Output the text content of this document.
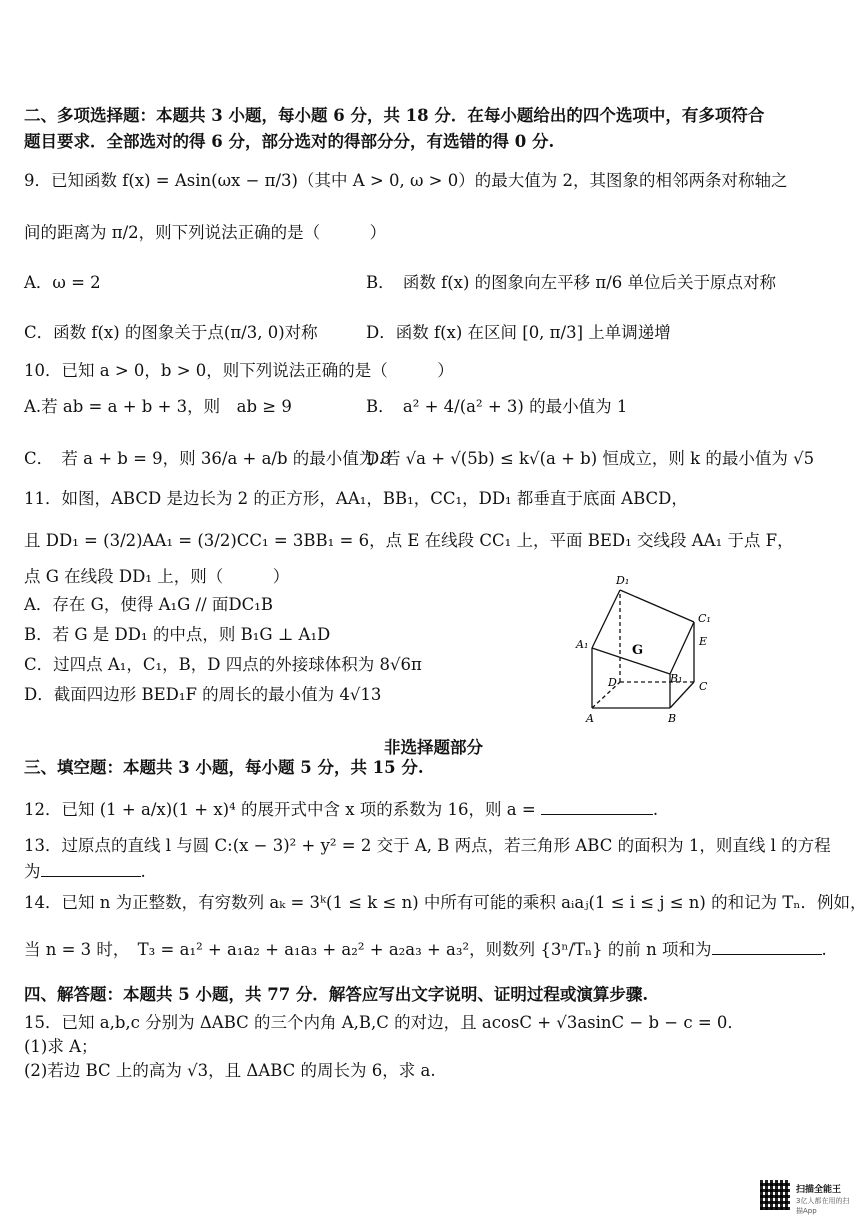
二、多项选择题：本题共 3 小题，每小题 6 分，共 18 分．在每小题给出的四个选项中，有多项符合
题目要求．全部选对的得 6 分，部分选对的得部分分，有选错的得 0 分.
9．已知函数 f(x) = Asin(ωx − π/3)（其中 A > 0, ω > 0）的最大值为 2，其图象的相邻两条对称轴之
间的距离为 π/2，则下列说法正确的是（　　　）
A．ω = 2	B．　函数 f(x) 的图象向左平移 π/6 单位后关于原点对称
C．函数 f(x) 的图象关于点(π/3, 0)对称	D．函数 f(x) 在区间 [0, π/3] 上单调递增
10．已知 a > 0，b > 0，则下列说法正确的是（　　　）
A.若 ab = a + b + 3，则　ab ≥ 9	B．　a² + 4/(a² + 3) 的最小值为 1
C．　若 a + b = 9，则 36/a + a/b 的最小值为 8
D.若 √a + √(5b) ≤ k√(a + b) 恒成立，则 k 的最小值为 √5
11．如图，ABCD 是边长为 2 的正方形，AA₁，BB₁，CC₁，DD₁ 都垂直于底面 ABCD，
且 DD₁ = (3/2)AA₁ = (3/2)CC₁ = 3BB₁ = 6，点 E 在线段 CC₁ 上，平面 BED₁ 交线段 AA₁ 于点 F，
点 G 在线段 DD₁ 上，则（　　　）
A．存在 G，使得 A₁G // 面DC₁B
B．若 G 是 DD₁ 的中点，则 B₁G ⊥ A₁D
C．过四点 A₁，C₁，B，D 四点的外接球体积为 8√6π
D．截面四边形 BED₁F 的周长的最小值为 4√13
D₁
C₁
A₁	G
E
B₁
D	C
A	B
非选择题部分
三、填空题：本题共 3 小题，每小题 5 分，共 15 分.
12．已知 (1 + a/x)(1 + x)⁴ 的展开式中含 x 项的系数为 16，则 a =	.
13．过原点的直线 l 与圆 C:(x − 3)² + y² = 2 交于 A, B 两点，若三角形 ABC 的面积为 1，则直线 l 的方程
为	.
14．已知 n 为正整数，有穷数列 aₖ = 3ᵏ(1 ≤ k ≤ n) 中所有可能的乘积 aᵢaⱼ(1 ≤ i ≤ j ≤ n) 的和记为 Tₙ．例如，
当 n = 3 时，　T₃ = a₁² + a₁a₂ + a₁a₃ + a₂² + a₂a₃ + a₃²，则数列 {3ⁿ/Tₙ} 的前 n 项和为	.
四、解答题：本题共 5 小题，共 77 分．解答应写出文字说明、证明过程或演算步骤.
15．已知 a,b,c 分别为 ΔABC 的三个内角 A,B,C 的对边，且 acosC + √3asinC − b − c = 0．
(1)求 A；
(2)若边 BC 上的高为 √3，且 ΔABC 的周长为 6，求 a.
扫描全能王
3亿人都在用的扫描App
